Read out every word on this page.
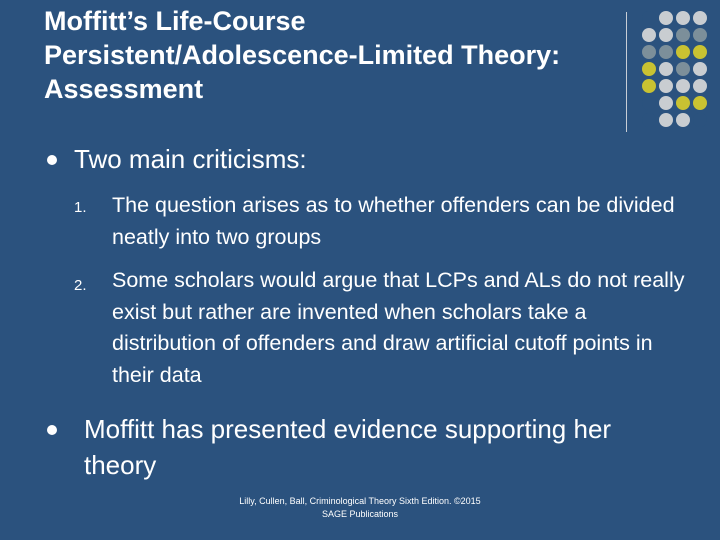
Moffitt’s Life-Course Persistent/Adolescence-Limited Theory: Assessment
Two main criticisms:
1. The question arises as to whether offenders can be divided neatly into two groups
2. Some scholars would argue that LCPs and ALs do not really exist but rather are invented when scholars take a distribution of offenders and draw artificial cutoff points in their data
Moffitt has presented evidence supporting her theory
Lilly, Cullen, Ball, Criminological Theory Sixth Edition. ©2015 SAGE Publications
